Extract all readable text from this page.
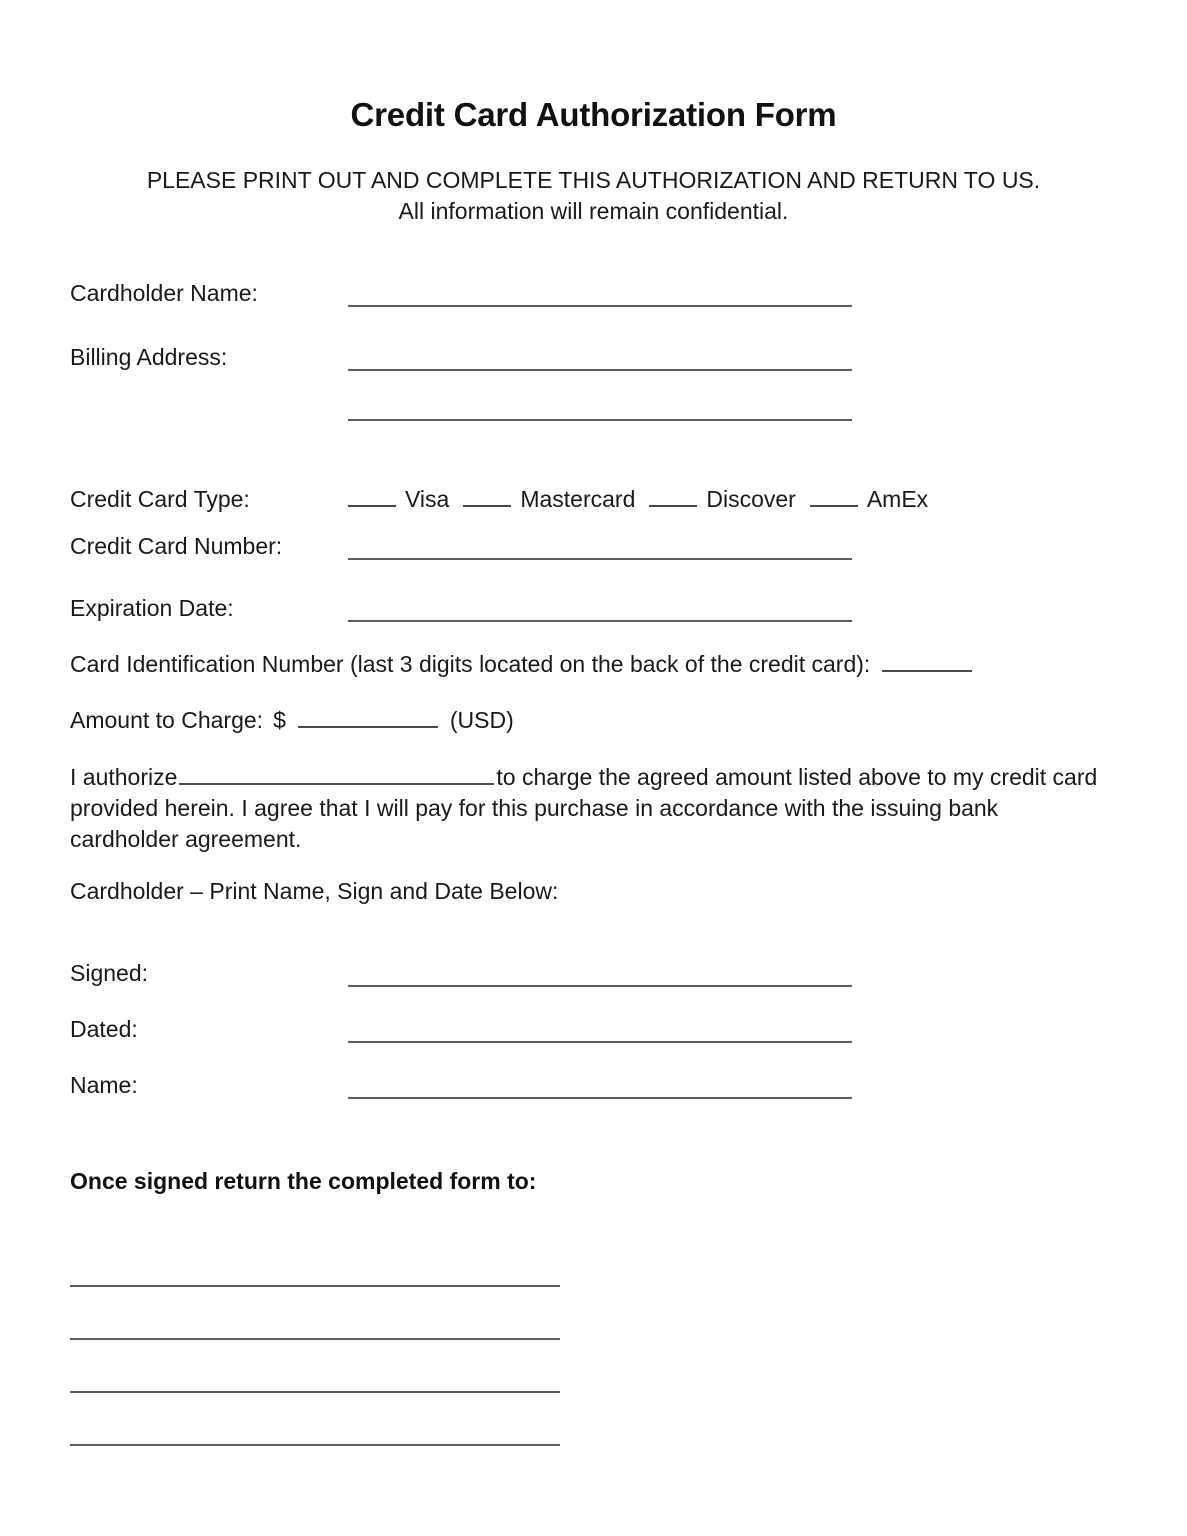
Credit Card Authorization Form
PLEASE PRINT OUT AND COMPLETE THIS AUTHORIZATION AND RETURN TO US.
All information will remain confidential.
Cardholder Name:
Billing Address:
Credit Card Type:	Visa	Mastercard	Discover	AmEx
Credit Card Number:
Expiration Date:
Card Identification Number (last 3 digits located on the back of the credit card):
Amount to Charge: $	(USD)
I authorize	to charge the agreed amount listed above to my credit card provided herein. I agree that I will pay for this purchase in accordance with the issuing bank cardholder agreement.
Cardholder – Print Name, Sign and Date Below:
Signed:
Dated:
Name:
Once signed return the completed form to:
